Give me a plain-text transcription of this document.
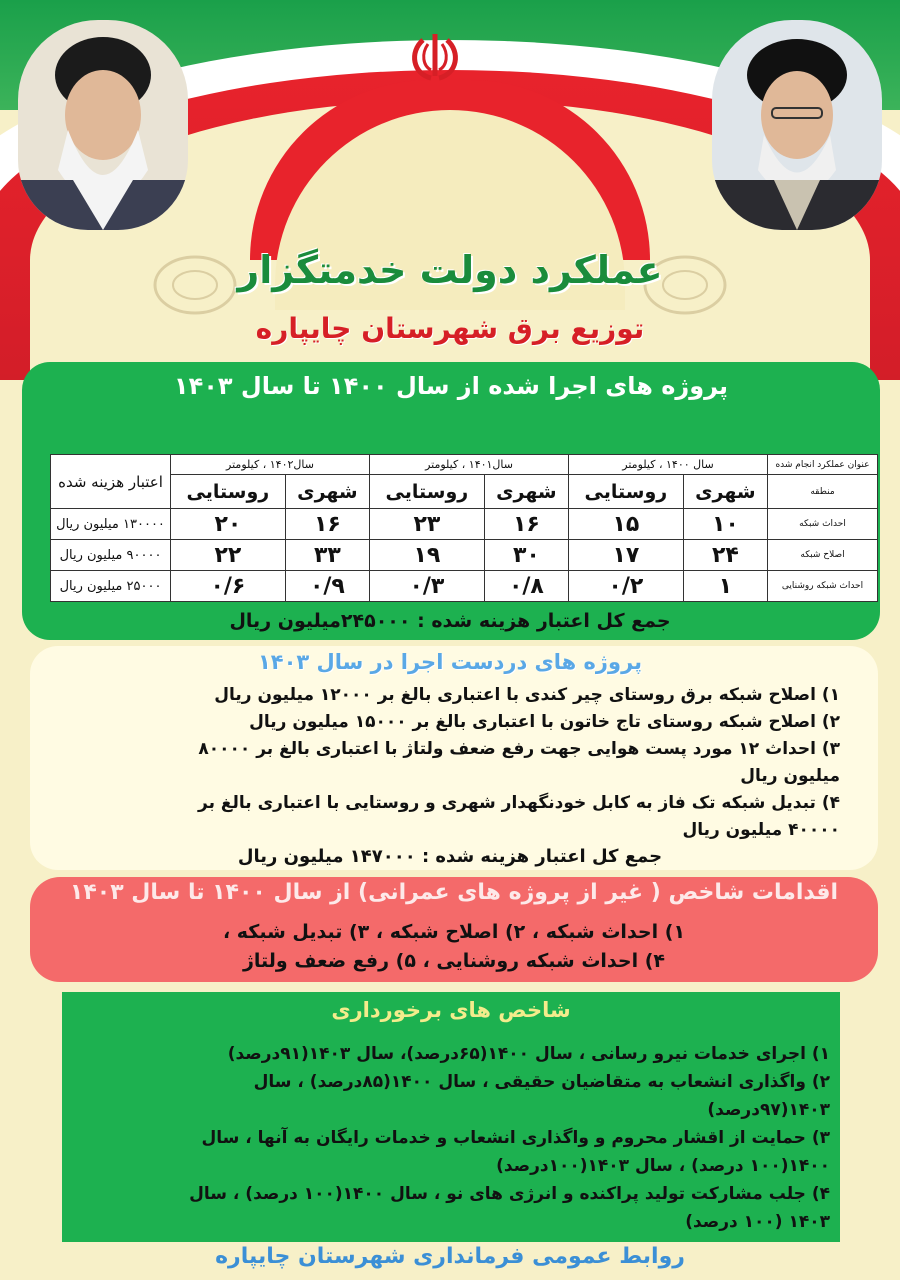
عملکرد دولت خدمتگزار
توزیع برق شهرستان چایپاره
پروژه های اجرا شده از سال ۱۴۰۰ تا سال ۱۴۰۳
عنوان عملکرد انجام شده	سال ۱۴۰۰ ، کیلومتر		سال۱۴۰۱ ، کیلومتر		سال۱۴۰۲ ، کیلومتر		اعتبار هزینه شده
منطقه	شهری	روستایی	شهری	روستایی	شهری	روستایی	
احداث شبکه	۱۰	۱۵	۱۶	۲۳	۱۶	۲۰	۱۳۰۰۰۰ میلیون ریال
اصلاح شبکه	۲۴	۱۷	۳۰	۱۹	۳۳	۲۲	۹۰۰۰۰ میلیون ریال
احداث شبکه روشنایی	۱	۰/۲	۰/۸	۰/۳	۰/۹	۰/۶	۲۵۰۰۰ میلیون ریال
جمع کل اعتبار هزینه شده : ۲۴۵۰۰۰میلیون ریال
پروژه های دردست اجرا در سال ۱۴۰۳
۱) اصلاح شبکه برق روستای چیر کندی با اعتباری بالغ بر ۱۲۰۰۰ میلیون ریال
۲) اصلاح شبکه روستای تاج خاتون با اعتباری بالغ بر ۱۵۰۰۰ میلیون ریال
۳) احداث ۱۲ مورد پست هوایی جهت رفع ضعف ولتاژ با اعتباری بالغ بر ۸۰۰۰۰ میلیون ریال
۴) تبدیل شبکه تک فاز به کابل خودنگهدار شهری و روستایی با اعتباری بالغ بر ۴۰۰۰۰ میلیون ریال
جمع کل اعتبار هزینه شده : ۱۴۷۰۰۰ میلیون ریال
اقدامات شاخص ( غیر از پروژه های عمرانی) از سال ۱۴۰۰ تا سال ۱۴۰۳
۱) احداث شبکه ، ۲) اصلاح شبکه ، ۳) تبدیل شبکه ،
۴) احداث شبکه روشنایی ، ۵) رفع ضعف ولتاژ
شاخص های برخورداری
۱) اجرای خدمات نیرو رسانی ، سال ۱۴۰۰(۶۵درصد)، سال ۱۴۰۳(۹۱درصد)
۲) واگذاری انشعاب به متقاضیان حقیقی ، سال ۱۴۰۰(۸۵درصد) ، سال ۱۴۰۳(۹۷درصد)
۳) حمایت از اقشار محروم و واگذاری انشعاب و خدمات رایگان به آنها ، سال ۱۴۰۰(۱۰۰ درصد) ، سال ۱۴۰۳(۱۰۰درصد)
۴) جلب مشارکت تولید پراکنده و انرژی های نو ، سال ۱۴۰۰(۱۰۰ درصد) ، سال ۱۴۰۳ (۱۰۰ درصد)
روابط عمومی فرمانداری شهرستان چایپاره
